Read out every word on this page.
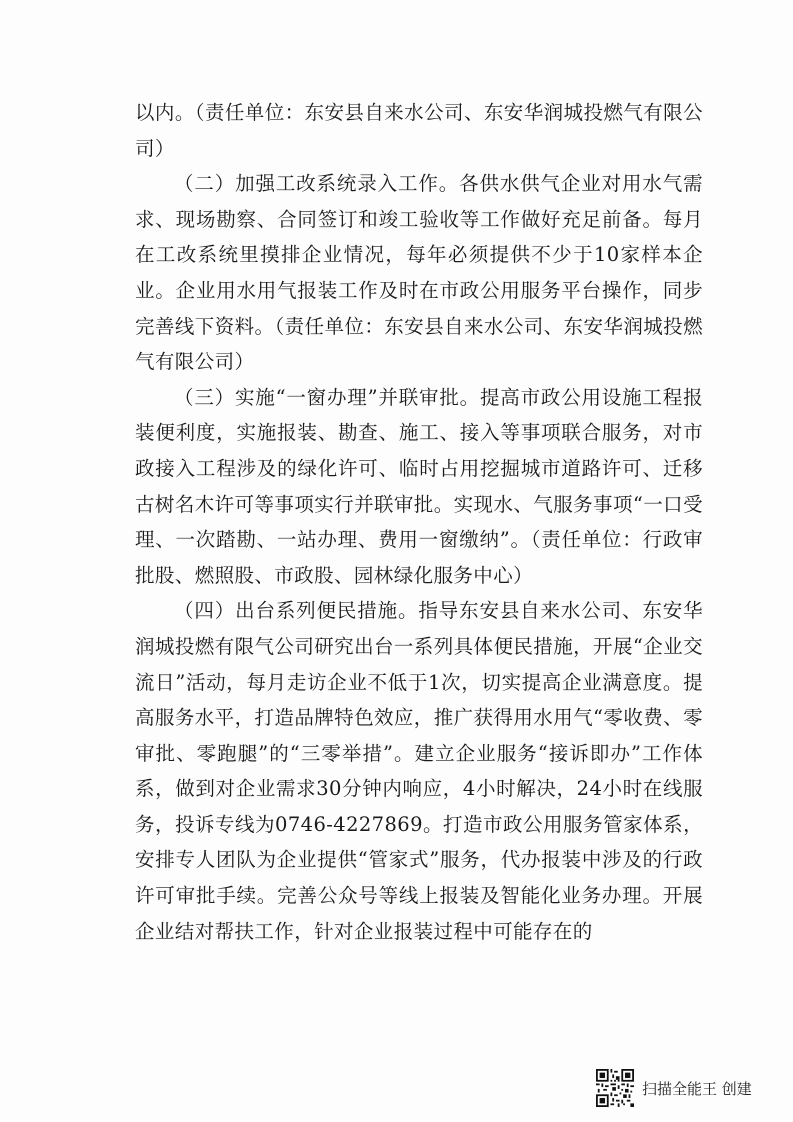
以内。（责任单位：东安县自来水公司、东安华润城投燃气有限公司）

（二）加强工改系统录入工作。各供水供气企业对用水气需求、现场勘察、合同签订和竣工验收等工作做好充足前备。每月在工改系统里摸排企业情况，每年必须提供不少于10家样本企业。企业用水用气报装工作及时在市政公用服务平台操作，同步完善线下资料。（责任单位：东安县自来水公司、东安华润城投燃气有限公司）

（三）实施“一窗办理”并联审批。提高市政公用设施工程报装便利度，实施报装、勘查、施工、接入等事项联合服务，对市政接入工程涉及的绿化许可、临时占用挖掘城市道路许可、迁移古树名木许可等事项实行并联审批。实现水、气服务事项“一口受理、一次踏勘、一站办理、费用一窗缴纳”。（责任单位：行政审批股、燃照股、市政股、园林绿化服务中心）

（四）出台系列便民措施。指导东安县自来水公司、东安华润城投燃有限气公司研究出台一系列具体便民措施，开展“企业交流日”活动，每月走访企业不低于1次，切实提高企业满意度。提高服务水平，打造品牌特色效应，推广获得用水用气“零收费、零审批、零跑腿”的“三零举措”。建立企业服务“接诉即办”工作体系，做到对企业需求30分钟内响应，4小时解决，24小时在线服务，投诉专线为0746-4227869。打造市政公用服务管家体系，安排专人团队为企业提供“管家式”服务，代办报装中涉及的行政许可审批手续。完善公众号等线上报装及智能化业务办理。开展企业结对帮扶工作，针对企业报装过程中可能存在的

扫描全能王 创建
